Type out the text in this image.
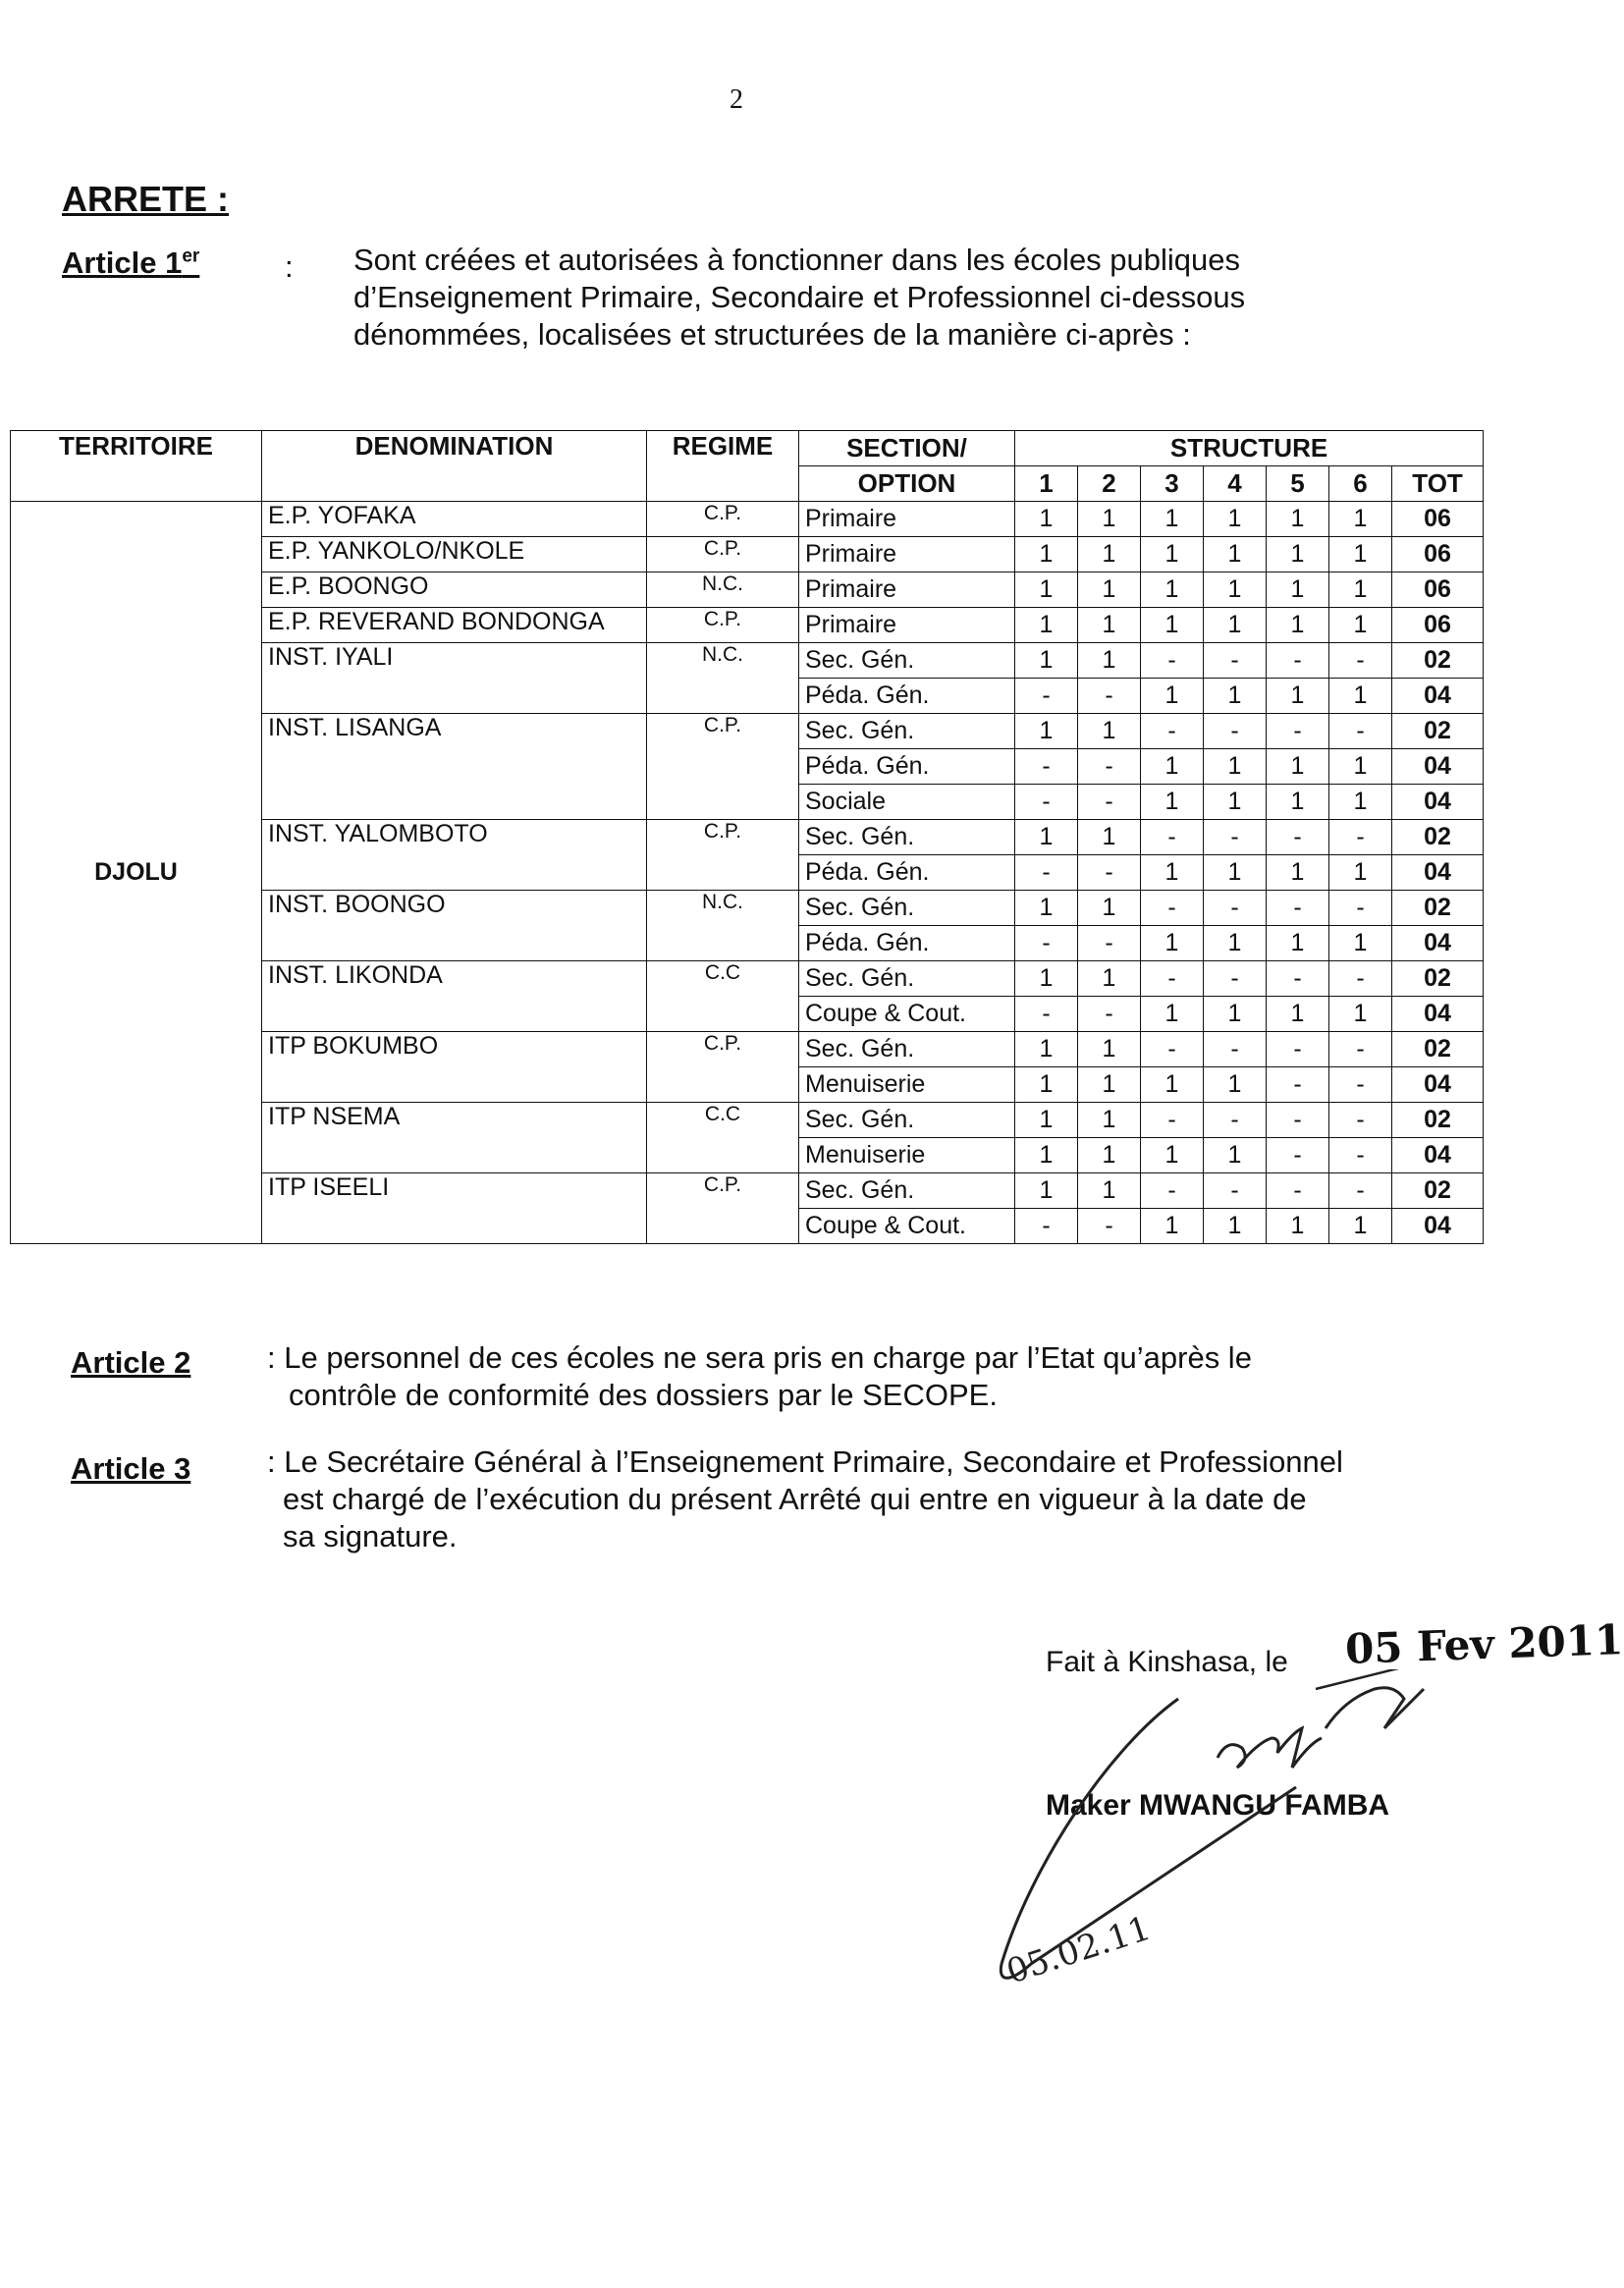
2
ARRETE :
Article 1er	: Sont créées et autorisées à fonctionner dans les écoles publiques
d’Enseignement Primaire, Secondaire et Professionnel ci-dessous
dénommées, localisées et structurées de la manière ci-après :
TERRITOIRE	DENOMINATION	REGIME	SECTION/	STRUCTURE						
			OPTION	1	2	3	4	5	6	TOT
DJOLU	E.P. YOFAKA	C.P.	Primaire	1	1	1	1	1	1	06
	E.P. YANKOLO/NKOLE	C.P.	Primaire	1	1	1	1	1	1	06
	E.P. BOONGO	N.C.	Primaire	1	1	1	1	1	1	06
	E.P. REVERAND BONDONGA	C.P.	Primaire	1	1	1	1	1	1	06
	INST. IYALI	N.C.	Sec. Gén.	1	1	-	-	-	-	02
			Péda. Gén.	-	-	1	1	1	1	04
	INST. LISANGA	C.P.	Sec. Gén.	1	1	-	-	-	-	02
			Péda. Gén.	-	-	1	1	1	1	04
			Sociale	-	-	1	1	1	1	04
	INST. YALOMBOTO	C.P.	Sec. Gén.	1	1	-	-	-	-	02
			Péda. Gén.	-	-	1	1	1	1	04
	INST. BOONGO	N.C.	Sec. Gén.	1	1	-	-	-	-	02
			Péda. Gén.	-	-	1	1	1	1	04
	INST. LIKONDA	C.C	Sec. Gén.	1	1	-	-	-	-	02
			Coupe & Cout.	-	-	1	1	1	1	04
	ITP BOKUMBO	C.P.	Sec. Gén.	1	1	-	-	-	-	02
			Menuiserie	1	1	1	1	-	-	04
	ITP NSEMA	C.C	Sec. Gén.	1	1	-	-	-	-	02
			Menuiserie	1	1	1	1	-	-	04
	ITP ISEELI	C.P.	Sec. Gén.	1	1	-	-	-	-	02
			Coupe & Cout.	-	-	1	1	1	1	04
Article 2	: Le personnel de ces écoles ne sera pris en charge par l’Etat qu’après le
contrôle de conformité des dossiers par le SECOPE.
Article 3	: Le Secrétaire Général à l’Enseignement Primaire, Secondaire et Professionnel
est chargé de l’exécution du présent Arrêté qui entre en vigueur à la date de
sa signature.
Fait à Kinshasa, le 05 Fev 2011
Maker MWANGU FAMBA
05.02.11
